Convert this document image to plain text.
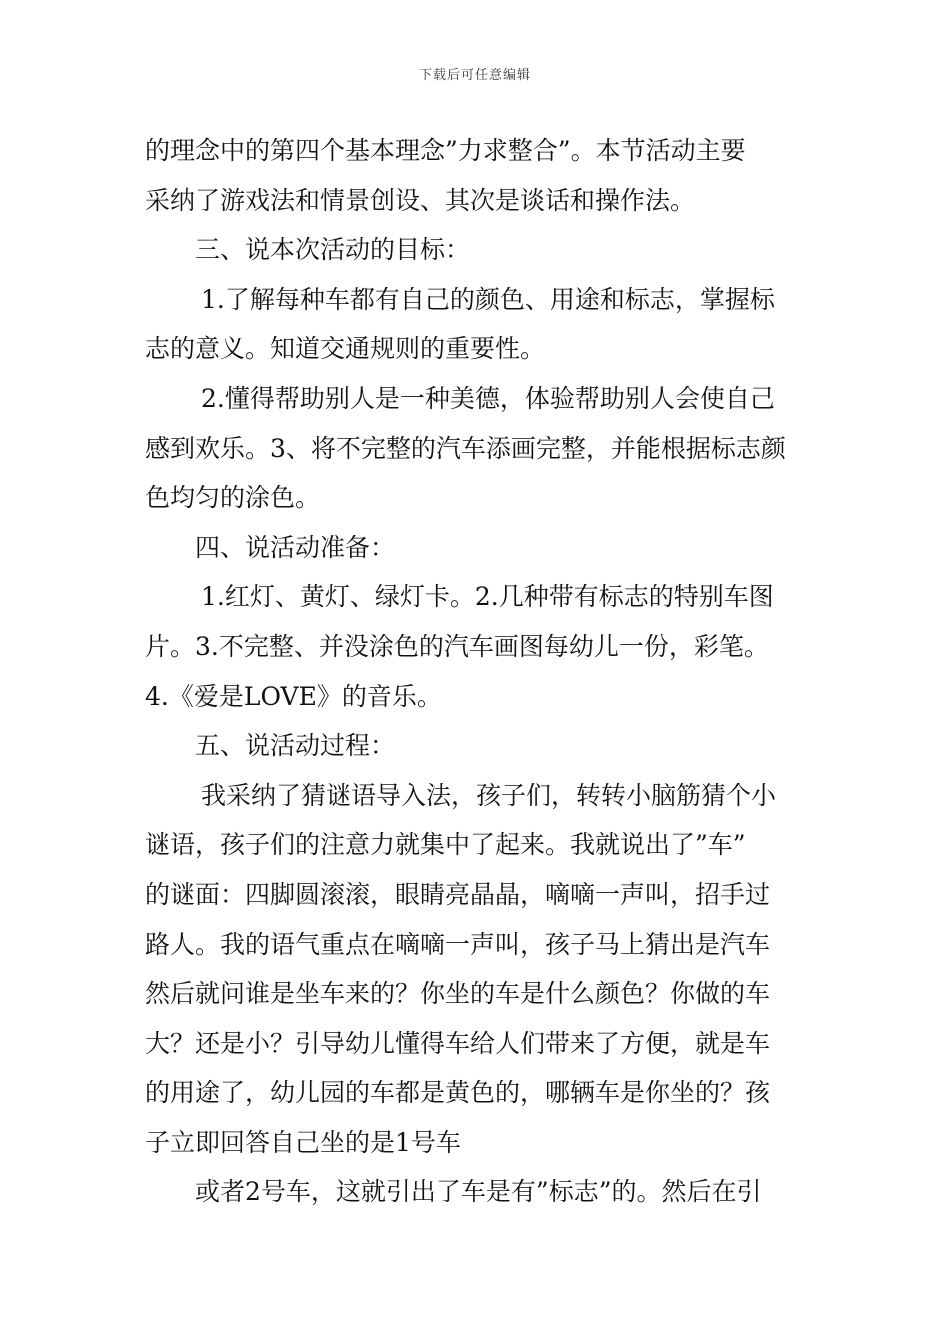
下载后可任意编辑
的理念中的第四个基本理念”力求整合”。本节活动主要
采纳了游戏法和情景创设、其次是谈话和操作法。
三、说本次活动的目标：
1.了解每种车都有自己的颜色、用途和标志，掌握标
志的意义。知道交通规则的重要性。
2.懂得帮助别人是一种美德，体验帮助别人会使自己
感到欢乐。3、将不完整的汽车添画完整，并能根据标志颜
色均匀的涂色。
四、说活动准备：
1.红灯、黄灯、绿灯卡。2.几种带有标志的特别车图
片。3.不完整、并没涂色的汽车画图每幼儿一份，彩笔。
4.《爱是LOVE》的音乐。
五、说活动过程：
我采纳了猜谜语导入法，孩子们，转转小脑筋猜个小
谜语，孩子们的注意力就集中了起来。我就说出了”车”
的谜面：四脚圆滚滚，眼睛亮晶晶，嘀嘀一声叫，招手过
路人。我的语气重点在嘀嘀一声叫，孩子马上猜出是汽车
然后就问谁是坐车来的？你坐的车是什么颜色？你做的车
大？还是小？引导幼儿懂得车给人们带来了方便，就是车
的用途了，幼儿园的车都是黄色的，哪辆车是你坐的？孩
子立即回答自己坐的是1号车
或者2号车，这就引出了车是有”标志”的。然后在引
